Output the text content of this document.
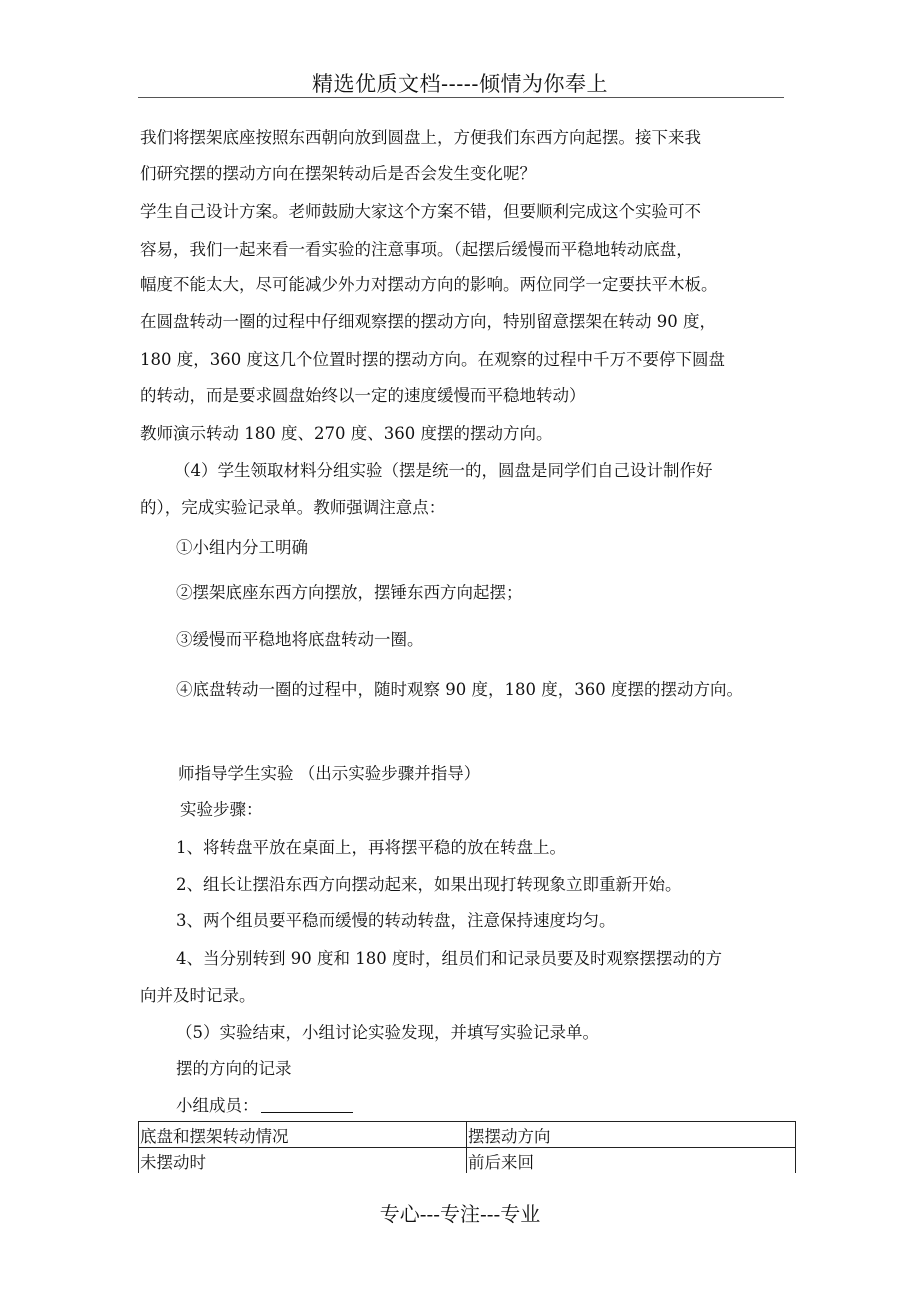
精选优质文档-----倾情为你奉上
我们将摆架底座按照东西朝向放到圆盘上，方便我们东西方向起摆。接下来我
们研究摆的摆动方向在摆架转动后是否会发生变化呢？
学生自己设计方案。老师鼓励大家这个方案不错，但要顺利完成这个实验可不
容易，我们一起来看一看实验的注意事项。（起摆后缓慢而平稳地转动底盘，
幅度不能太大，尽可能减少外力对摆动方向的影响。两位同学一定要扶平木板。
在圆盘转动一圈的过程中仔细观察摆的摆动方向，特别留意摆架在转动 90 度，
180 度，360 度这几个位置时摆的摆动方向。在观察的过程中千万不要停下圆盘
的转动，而是要求圆盘始终以一定的速度缓慢而平稳地转动）
教师演示转动 180 度、270 度、360 度摆的摆动方向。
（4）学生领取材料分组实验（摆是统一的，圆盘是同学们自己设计制作好
的），完成实验记录单。教师强调注意点：
①小组内分工明确
②摆架底座东西方向摆放，摆锤东西方向起摆；
③缓慢而平稳地将底盘转动一圈。
④底盘转动一圈的过程中，随时观察 90 度，180 度，360 度摆的摆动方向。
师指导学生实验 （出示实验步骤并指导）
实验步骤：
1、将转盘平放在桌面上，再将摆平稳的放在转盘上。
2、组长让摆沿东西方向摆动起来，如果出现打转现象立即重新开始。
3、两个组员要平稳而缓慢的转动转盘，注意保持速度均匀。
4、当分别转到 90 度和 180 度时，组员们和记录员要及时观察摆摆动的方
向并及时记录。
（5）实验结束，小组讨论实验发现，并填写实验记录单。
摆的方向的记录
小组成员：
底盘和摆架转动情况	摆摆动方向
未摆动时	前后来回
专心---专注---专业
